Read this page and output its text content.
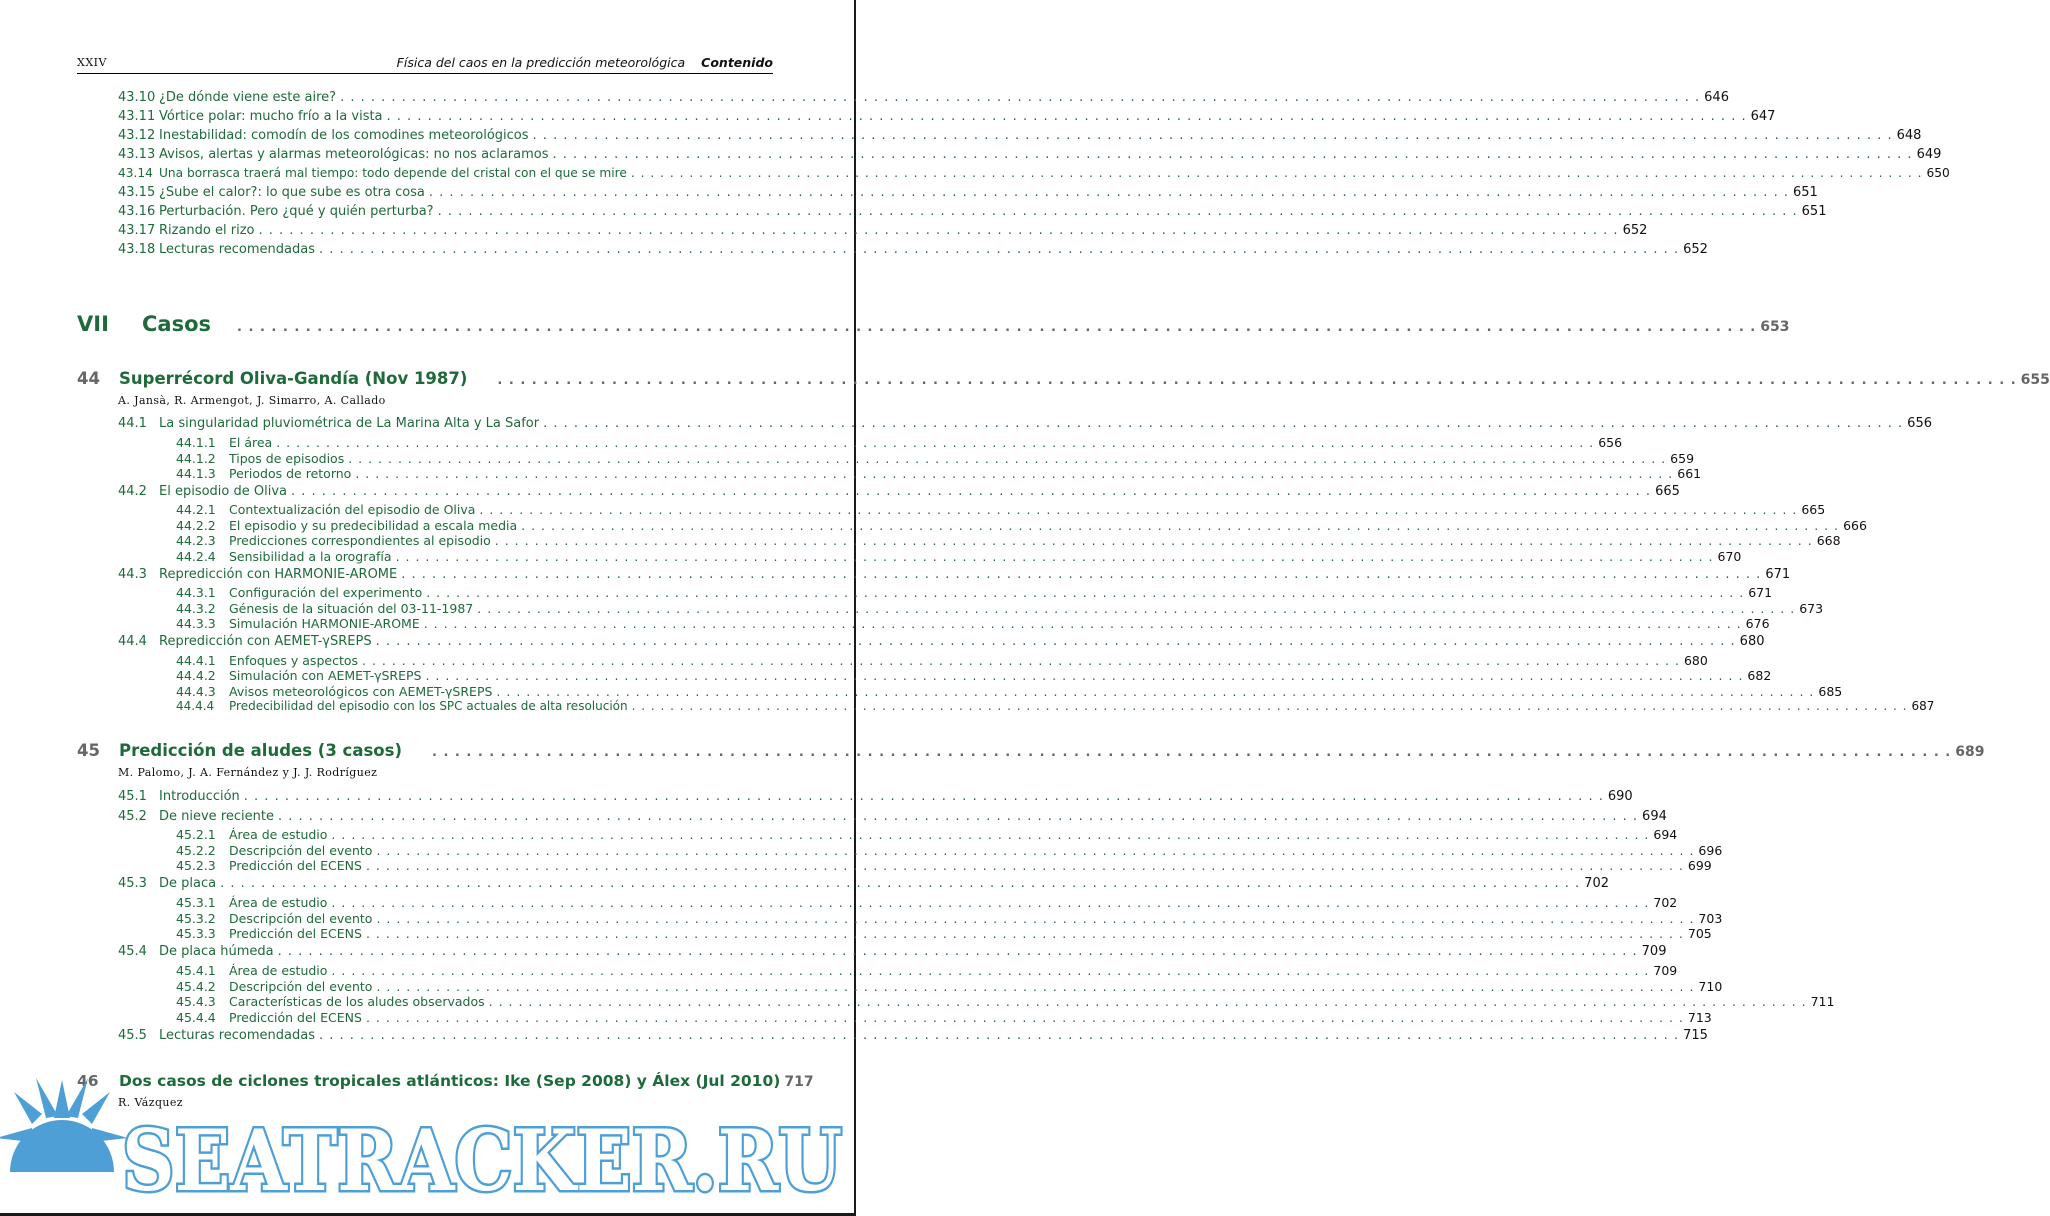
XXIV	Física del caos en la predicción meteorológica Contenido
43.10 ¿De dónde viene este aire? . . .	646
43.11 Vórtice polar: mucho frío a la vista . . .	647
43.12 Inestabilidad: comodín de los comodines meteorológicos . . .	648
43.13 Avisos, alertas y alarmas meteorológicas: no nos aclaramos . . .	649
43.14 Una borrasca traerá mal tiempo: todo depende del cristal con el que se mire . . .	650
43.15 ¿Sube el calor?: lo que sube es otra cosa . . .	651
43.16 Perturbación. Pero ¿qué y quién perturba? . . .	651
43.17 Rizando el rizo . . .	652
43.18 Lecturas recomendadas . . .	652
VII	Casos . . .	653
44	Superrécord Oliva-Gandía (Nov 1987) . . .	655
A. Jansà, R. Armengot, J. Simarro, A. Callado
44.1 La singularidad pluviométrica de La Marina Alta y La Safor . . .	656
44.1.1	El área . . .	656
44.1.2	Tipos de episodios . . .	659
44.1.3	Periodos de retorno . . .	661
44.2 El episodio de Oliva . . .	665
44.2.1	Contextualización del episodio de Oliva . . .	665
44.2.2	El episodio y su predecibilidad a escala media . . .	666
44.2.3	Predicciones correspondientes al episodio . . .	668
44.2.4	Sensibilidad a la orografía . . .	670
44.3 Repredicción con HARMONIE-AROME . . .	671
44.3.1	Configuración del experimento . . .	671
44.3.2	Génesis de la situación del 03-11-1987 . . .	673
44.3.3	Simulación HARMONIE-AROME . . .	676
44.4 Repredicción con AEMET-γSREPS . . .	680
44.4.1	Enfoques y aspectos . . .	680
44.4.2	Simulación con AEMET-γSREPS . . .	682
44.4.3	Avisos meteorológicos con AEMET-γSREPS . . .	685
44.4.4	Predecibilidad del episodio con los SPC actuales de alta resolución . . .	687
45	Predicción de aludes (3 casos) . . .	689
M. Palomo, J. A. Fernández y J. J. Rodríguez
45.1 Introducción . . .	690
45.2 De nieve reciente . . .	694
45.2.1	Área de estudio . . .	694
45.2.2	Descripción del evento . . .	696
45.2.3	Predicción del ECENS . . .	699
45.3 De placa . . .	702
45.3.1	Área de estudio . . .	702
45.3.2	Descripción del evento . . .	703
45.3.3	Predicción del ECENS . . .	705
45.4 De placa húmeda . . .	709
45.4.1	Área de estudio . . .	709
45.4.2	Descripción del evento . . .	710
45.4.3	Características de los aludes observados . . .	711
45.4.4	Predicción del ECENS . . .	713
45.5 Lecturas recomendadas . . .	715
46	Dos casos de ciclones tropicales atlánticos: Ike (Sep 2008) y Álex (Jul 2010) 717
R. Vázquez
SEATRACKER.RU
